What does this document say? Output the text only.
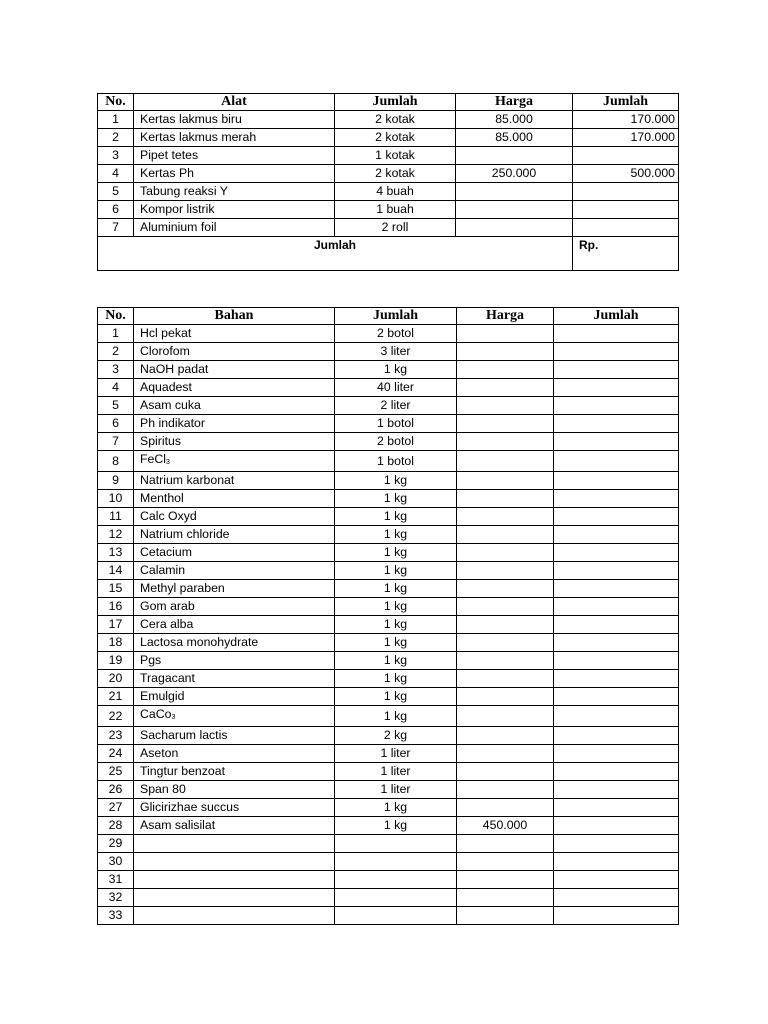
No.	Alat	Jumlah	Harga	Jumlah
1	Kertas lakmus biru	2 kotak	85.000	170.000
2	Kertas lakmus merah	2 kotak	85.000	170.000
3	Pipet tetes	1 kotak		
4	Kertas Ph	2 kotak	250.000	500.000
5	Tabung reaksi Y	4 buah		
6	Kompor listrik	1 buah		
7	Aluminium foil	2 roll		
Jumlah				Rp.
No.	Bahan	Jumlah	Harga	Jumlah
1	Hcl pekat	2 botol		
2	Clorofom	3 liter		
3	NaOH padat	1 kg		
4	Aquadest	40 liter		
5	Asam cuka	2 liter		
6	Ph indikator	1 botol		
7	Spiritus	2 botol		
8	FeCl$_3$	1 botol		
9	Natrium karbonat	1 kg		
10	Menthol	1 kg		
11	Calc Oxyd	1 kg		
12	Natrium chloride	1 kg		
13	Cetacium	1 kg		
14	Calamin	1 kg		
15	Methyl paraben	1 kg		
16	Gom arab	1 kg		
17	Cera alba	1 kg		
18	Lactosa monohydrate	1 kg		
19	Pgs	1 kg		
20	Tragacant	1 kg		
21	Emulgid	1 kg		
22	CaCo$_3$	1 kg		
23	Sacharum lactis	2 kg		
24	Aseton	1 liter		
25	Tingtur benzoat	1 liter		
26	Span 80	1 liter		
27	Glicirizhae succus	1 kg		
28	Asam salisilat	1 kg	450.000	
29				
30				
31				
32				
33				
